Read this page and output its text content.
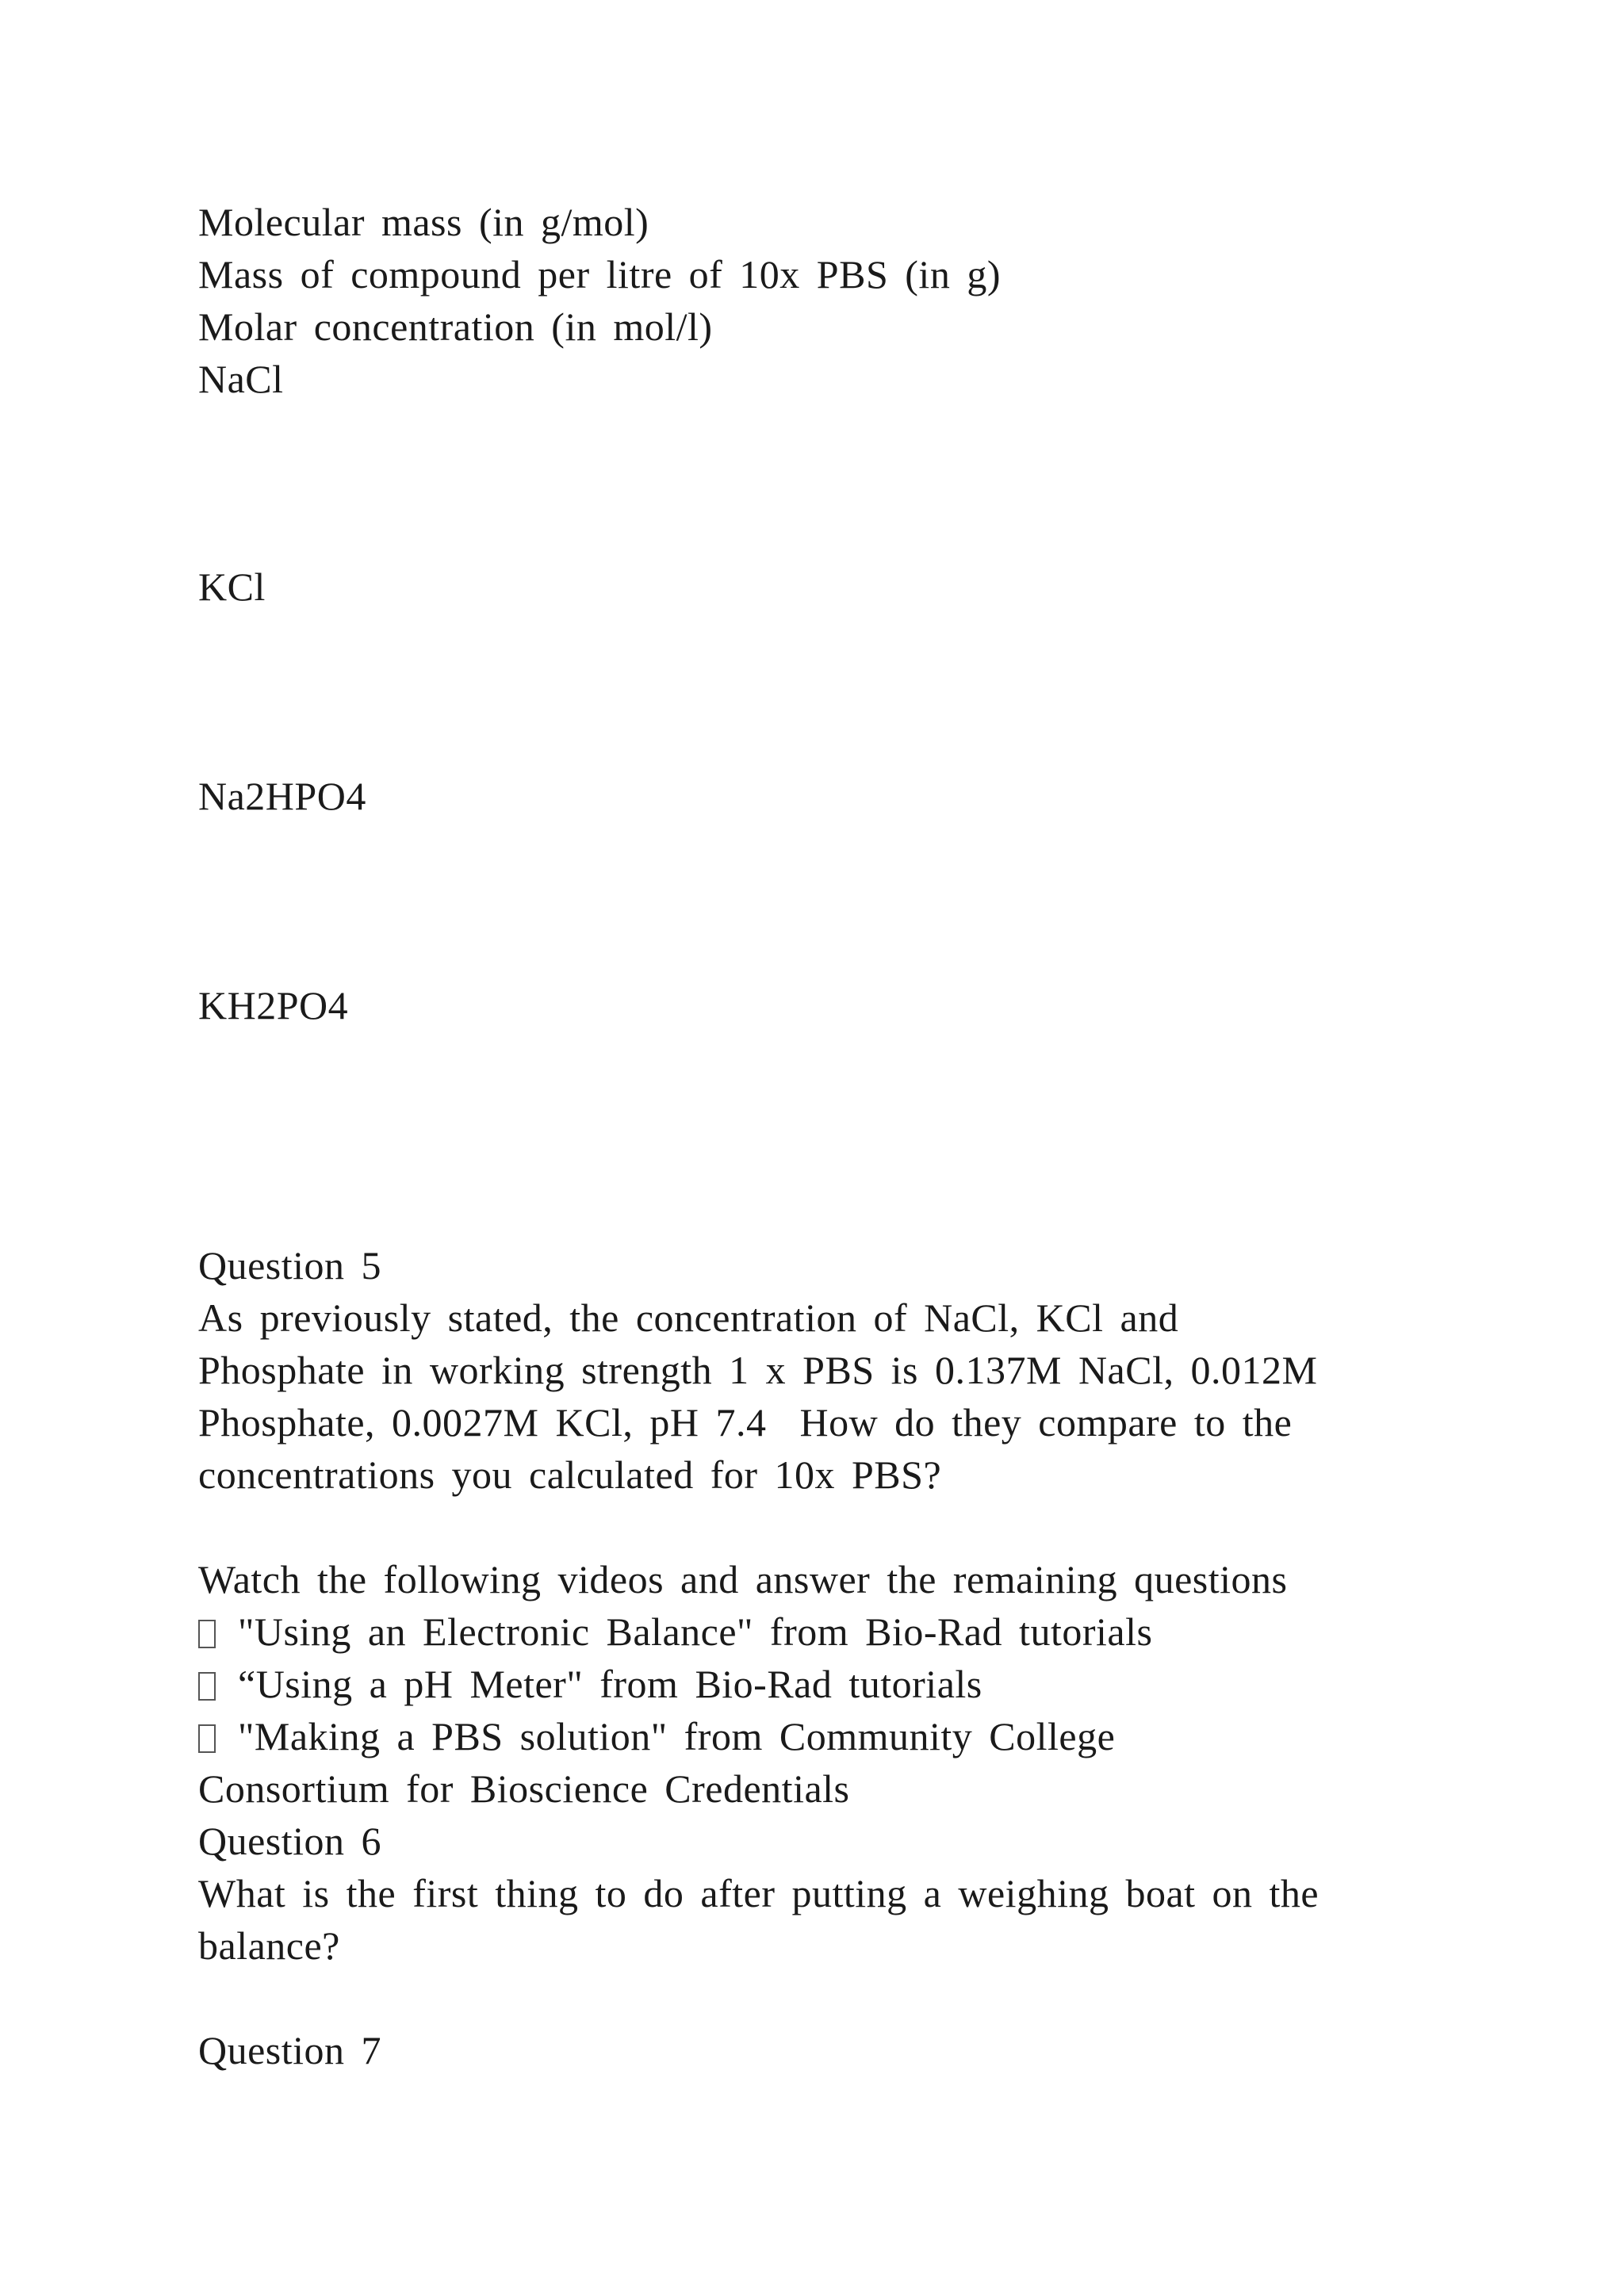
Molecular mass (in g/mol)
Mass of compound per litre of 10x PBS (in g)
Molar concentration (in mol/l)
NaCl
KCl
Na2HPO4
KH2PO4
Question 5
As previously stated, the concentration of NaCl, KCl and
Phosphate in working strength 1 x PBS is 0.137M NaCl, 0.012M
Phosphate, 0.0027M KCl, pH 7.4  How do they compare to the
concentrations you calculated for 10x PBS?
Watch the following videos and answer the remaining questions
"Using an Electronic Balance" from Bio-Rad tutorials
“Using a pH Meter" from Bio-Rad tutorials
"Making a PBS solution" from Community College
Consortium for Bioscience Credentials
Question 6
What is the first thing to do after putting a weighing boat on the
balance?
Question 7
